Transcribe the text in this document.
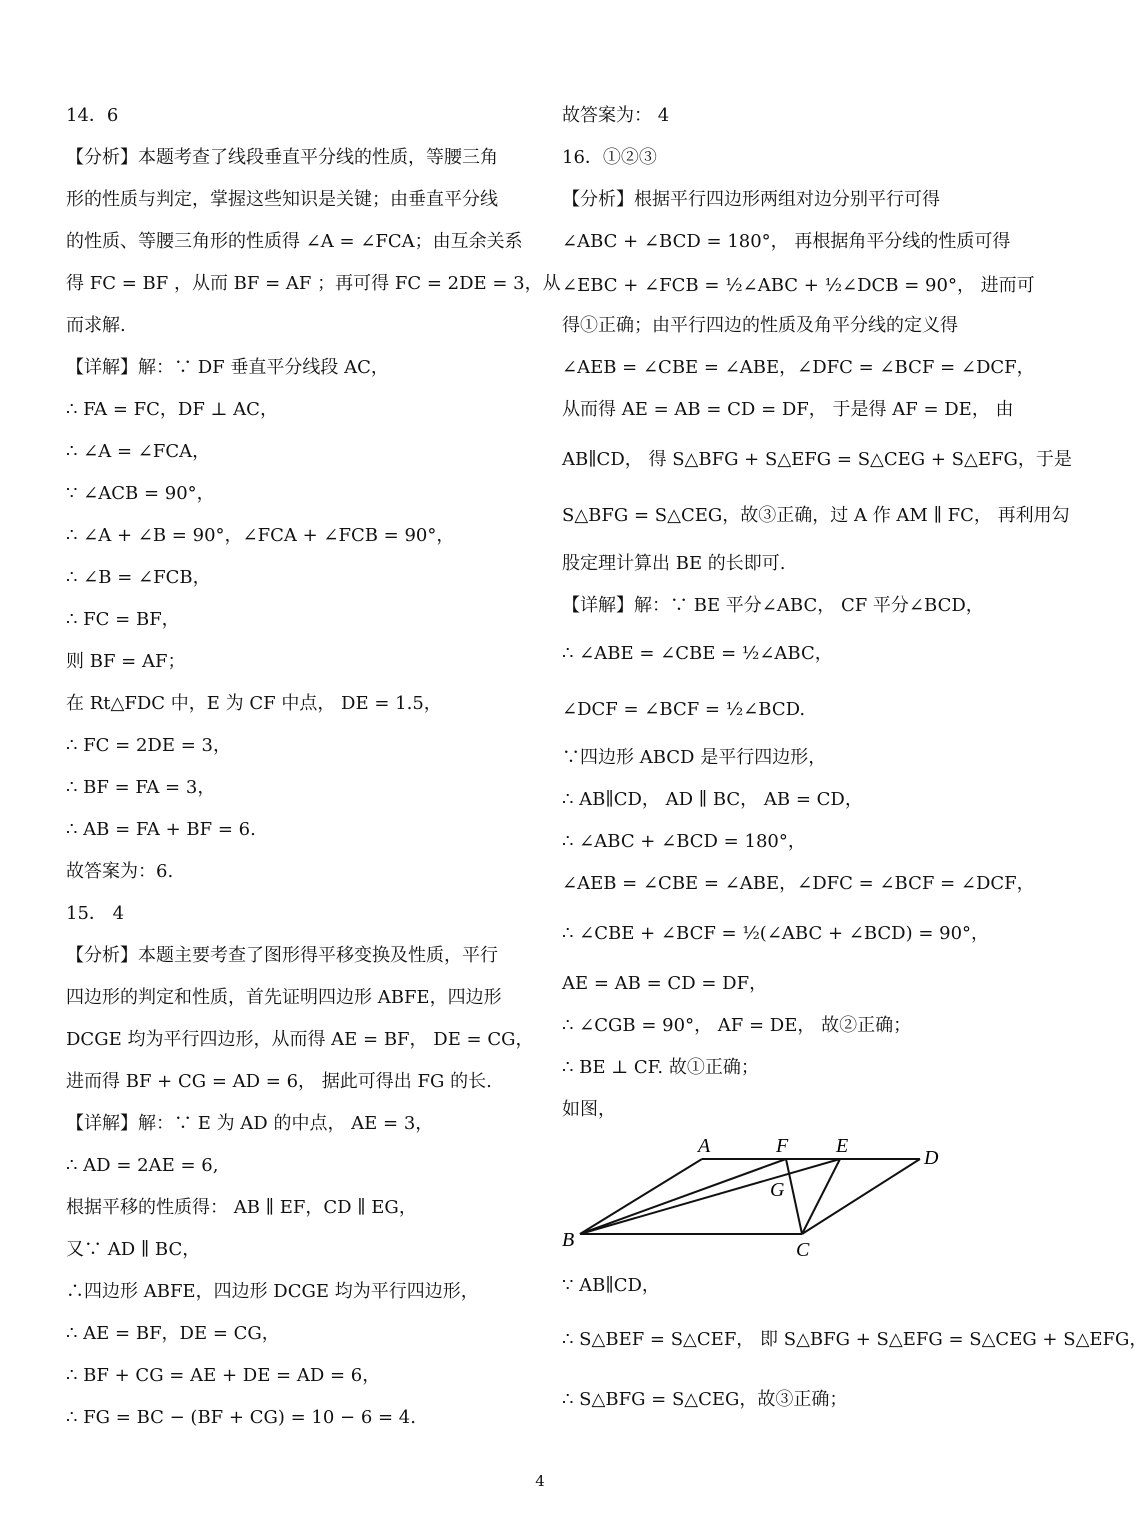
14．6

【分析】本题考查了线段垂直平分线的性质，等腰三角

形的性质与判定，掌握这些知识是关键；由垂直平分线

的性质、等腰三角形的性质得 ∠A = ∠FCA；由互余关系

得 FC = BF ，从而 BF = AF ；再可得 FC = 2DE = 3，从

而求解.

【详解】解：∵ DF 垂直平分线段 AC，

∴ FA = FC，DF ⊥ AC，

∴ ∠A = ∠FCA，

∵ ∠ACB = 90°，

∴ ∠A + ∠B = 90°，∠FCA + ∠FCB = 90°，

∴ ∠B = ∠FCB，

∴ FC = BF，

则 BF = AF；

在 Rt△FDC 中，E 为 CF 中点， DE = 1.5，

∴ FC = 2DE = 3，

∴ BF = FA = 3，

∴ AB = FA + BF = 6.

故答案为：6.

15． 4

【分析】本题主要考查了图形得平移变换及性质，平行

四边形的判定和性质，首先证明四边形 ABFE，四边形

DCGE 均为平行四边形，从而得 AE = BF， DE = CG，

进而得 BF + CG = AD = 6， 据此可得出 FG 的长.

【详解】解：∵ E 为 AD 的中点， AE = 3，

∴ AD = 2AE = 6,

根据平移的性质得： AB ∥ EF，CD ∥ EG，

又∵ AD ∥ BC，

∴四边形 ABFE，四边形 DCGE 均为平行四边形，

∴ AE = BF，DE = CG，

∴ BF + CG = AE + DE = AD = 6，

∴ FG = BC − (BF + CG) = 10 − 6 = 4.

故答案为： 4

16．①②③

【分析】根据平行四边形两组对边分别平行可得

∠ABC + ∠BCD = 180°， 再根据角平分线的性质可得

∠EBC + ∠FCB = ½∠ABC + ½∠DCB = 90°， 进而可

得①正确；由平行四边的性质及角平分线的定义得

∠AEB = ∠CBE = ∠ABE，∠DFC = ∠BCF = ∠DCF，

从而得 AE = AB = CD = DF， 于是得 AF = DE， 由

AB∥CD， 得 S△BFG + S△EFG = S△CEG + S△EFG，于是

S△BFG = S△CEG，故③正确，过 A 作 AM ∥ FC， 再利用勾

股定理计算出 BE 的长即可.

【详解】解：∵ BE 平分∠ABC， CF 平分∠BCD，

∴ ∠ABE = ∠CBE = ½∠ABC，

∠DCF = ∠BCF = ½∠BCD.

∵四边形 ABCD 是平行四边形，

∴ AB∥CD， AD ∥ BC， AB = CD，

∴ ∠ABC + ∠BCD = 180°，

∠AEB = ∠CBE = ∠ABE，∠DFC = ∠BCF = ∠DCF，

∴ ∠CBE + ∠BCF = ½(∠ABC + ∠BCD) = 90°，

AE = AB = CD = DF，

∴ ∠CGB = 90°， AF = DE， 故②正确；

∴ BE ⊥ CF. 故①正确；

如图，

A	F E
D
G
B	C

∵ AB∥CD，

∴ S△BEF = S△CEF， 即 S△BFG + S△EFG = S△CEG + S△EFG，

∴ S△BFG = S△CEG，故③正确；

4
